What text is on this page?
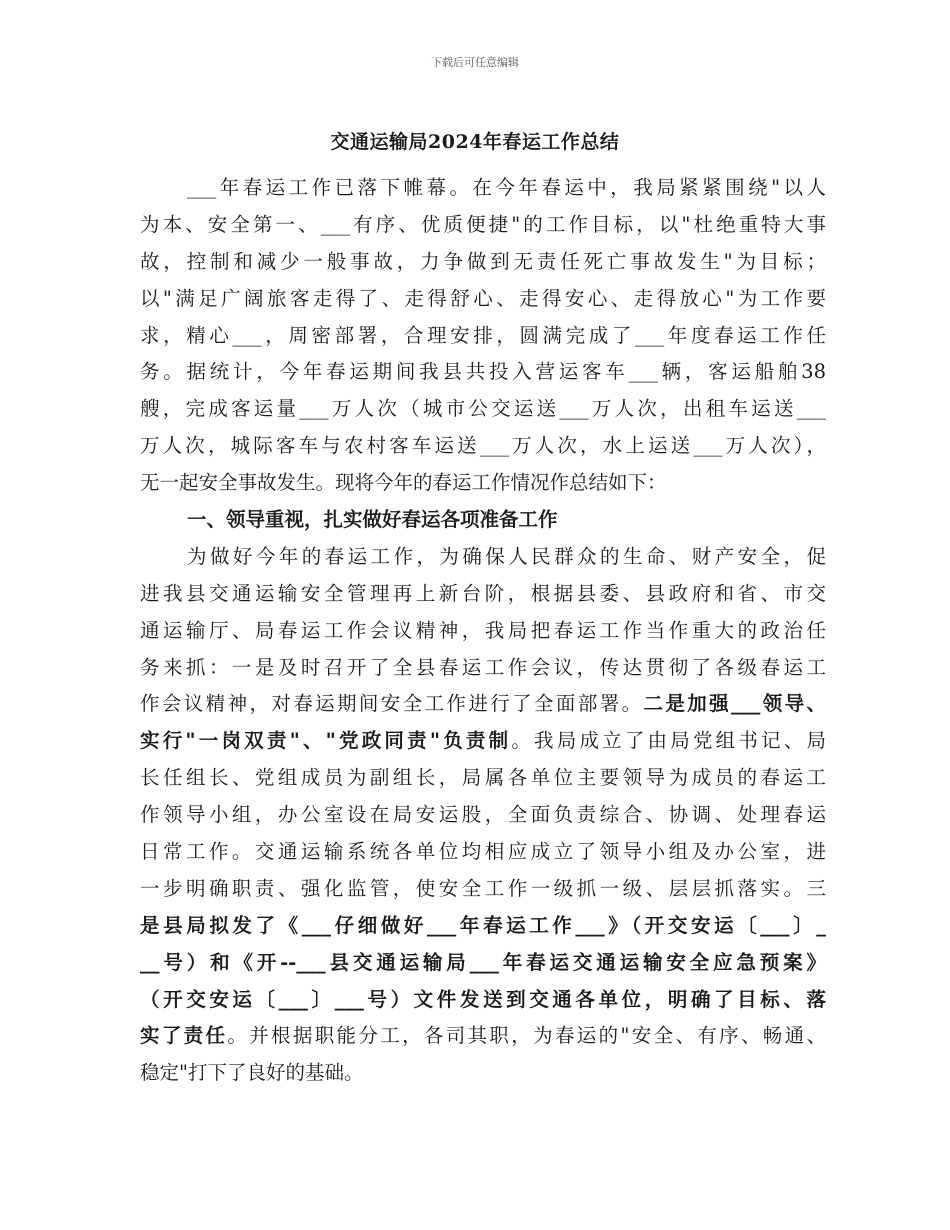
下载后可任意编辑
交通运输局2024年春运工作总结
___年春运工作已落下帷幕。在今年春运中，我局紧紧围绕"以人
为本、安全第一、___有序、优质便捷"的工作目标，以"杜绝重特大事
故，控制和减少一般事故，力争做到无责任死亡事故发生"为目标；
以"满足广阔旅客走得了、走得舒心、走得安心、走得放心"为工作要
求，精心___，周密部署，合理安排，圆满完成了___年度春运工作任
务。据统计，今年春运期间我县共投入营运客车___辆，客运船舶38
艘，完成客运量___万人次（城市公交运送___万人次，出租车运送___
万人次，城际客车与农村客车运送___万人次，水上运送___万人次），
无一起安全事故发生。现将今年的春运工作情况作总结如下：
一、领导重视，扎实做好春运各项准备工作
为做好今年的春运工作，为确保人民群众的生命、财产安全，促
进我县交通运输安全管理再上新台阶，根据县委、县政府和省、市交
通运输厅、局春运工作会议精神，我局把春运工作当作重大的政治任
务来抓：一是及时召开了全县春运工作会议，传达贯彻了各级春运工
作会议精神，对春运期间安全工作进行了全面部署。二是加强___领导、
实行"一岗双责"、"党政同责"负责制。我局成立了由局党组书记、局
长任组长、党组成员为副组长，局属各单位主要领导为成员的春运工
作领导小组，办公室设在局安运股，全面负责综合、协调、处理春运
日常工作。交通运输系统各单位均相应成立了领导小组及办公室，进
一步明确职责、强化监管，使安全工作一级抓一级、层层抓落实。三
是县局拟发了《___仔细做好___年春运工作___》（开交安运〔___〕_
__号）和《开--___县交通运输局___年春运交通运输安全应急预案》
（开交安运〔___〕___号）文件发送到交通各单位，明确了目标、落
实了责任。并根据职能分工，各司其职，为春运的"安全、有序、畅通、
稳定"打下了良好的基础。
